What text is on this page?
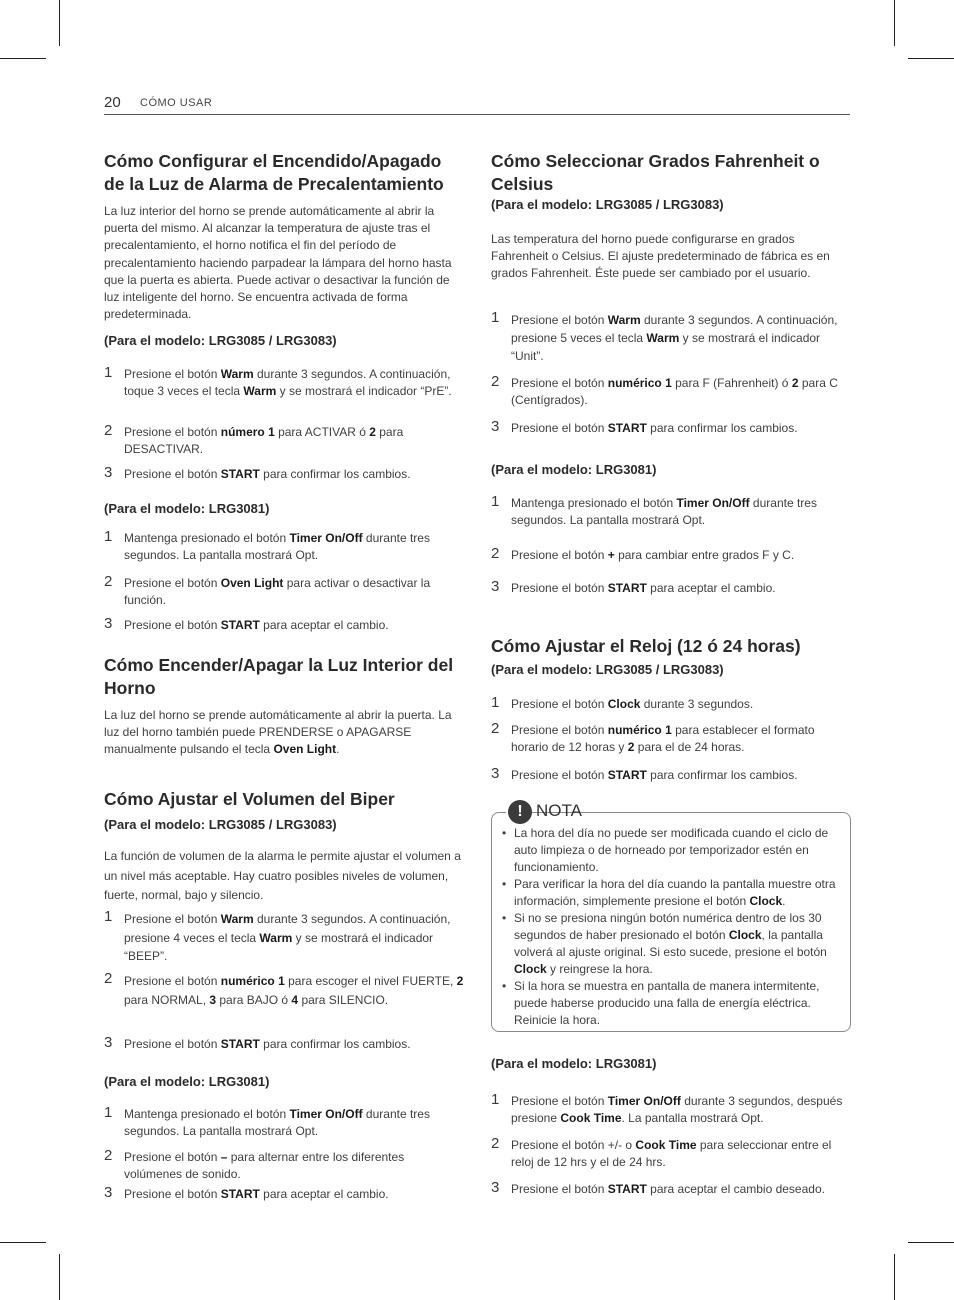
20 CÓMO USAR
Cómo Configurar el Encendido/Apagado de la Luz de Alarma de Precalentamiento

La luz interior del horno se prende automáticamente al abrir la puerta del mismo. Al alcanzar la temperatura de ajuste tras el precalentamiento, el horno notifica el fin del período de precalentamiento haciendo parpadear la lámpara del horno hasta que la puerta es abierta. Puede activar o desactivar la función de luz inteligente del horno. Se encuentra activada de forma predeterminada.

(Para el modelo: LRG3085 / LRG3083)
1 Presione el botón Warm durante 3 segundos. A continuación, toque 3 veces el tecla Warm y se mostrará el indicador “PrE”.
2 Presione el botón número 1 para ACTIVAR ó 2 para DESACTIVAR.
3 Presione el botón START para confirmar los cambios.
(Para el modelo: LRG3081)
1 Mantenga presionado el botón Timer On/Off durante tres segundos. La pantalla mostrará Opt.
2 Presione el botón Oven Light para activar o desactivar la función.
3 Presione el botón START para aceptar el cambio.
Cómo Encender/Apagar la Luz Interior del Horno

La luz del horno se prende automáticamente al abrir la puerta. La luz del horno también puede PRENDERSE o APAGARSE manualmente pulsando el tecla Oven Light.

Cómo Ajustar el Volumen del Biper
(Para el modelo: LRG3085 / LRG3083)

La función de volumen de la alarma le permite ajustar el volumen a un nivel más aceptable. Hay cuatro posibles niveles de volumen, fuerte, normal, bajo y silencio.

1 Presione el botón Warm durante 3 segundos. A continuación, presione 4 veces el tecla Warm y se mostrará el indicador “BEEP”.
2 Presione el botón numérico 1 para escoger el nivel FUERTE, 2 para NORMAL, 3 para BAJO ó 4 para SILENCIO.
3 Presione el botón START para confirmar los cambios.
(Para el modelo: LRG3081)
1 Mantenga presionado el botón Timer On/Off durante tres segundos. La pantalla mostrará Opt.
2 Presione el botón – para alternar entre los diferentes volúmenes de sonido.
3 Presione el botón START para aceptar el cambio.
Cómo Seleccionar Grados Fahrenheit o Celsius
(Para el modelo: LRG3085 / LRG3083)

Las temperatura del horno puede configurarse en grados Fahrenheit o Celsius. El ajuste predeterminado de fábrica es en grados Fahrenheit. Éste puede ser cambiado por el usuario.

1 Presione el botón Warm durante 3 segundos. A continuación, presione 5 veces el tecla Warm y se mostrará el indicador “Unit”.
2 Presione el botón numérico 1 para F (Fahrenheit) ó 2 para C (Centígrados).
3 Presione el botón START para confirmar los cambios.
(Para el modelo: LRG3081)
1 Mantenga presionado el botón Timer On/Off durante tres segundos. La pantalla mostrará Opt.
2 Presione el botón + para cambiar entre grados F y C.
3 Presione el botón START para aceptar el cambio.
Cómo Ajustar el Reloj (12 ó 24 horas)
(Para el modelo: LRG3085 / LRG3083)
1 Presione el botón Clock durante 3 segundos.
2 Presione el botón numérico 1 para establecer el formato horario de 12 horas y 2 para el de 24 horas.
3 Presione el botón START para confirmar los cambios.
! NOTA
• La hora del día no puede ser modificada cuando el ciclo de auto limpieza o de horneado por temporizador estén en funcionamiento.
• Para verificar la hora del día cuando la pantalla muestre otra información, simplemente presione el botón Clock.
• Si no se presiona ningún botón numérica dentro de los 30 segundos de haber presionado el botón Clock, la pantalla volverá al ajuste original. Si esto sucede, presione el botón Clock y reingrese la hora.
• Si la hora se muestra en pantalla de manera intermitente, puede haberse producido una falla de energía eléctrica. Reinicie la hora.
(Para el modelo: LRG3081)
1 Presione el botón Timer On/Off durante 3 segundos, después presione Cook Time. La pantalla mostrará Opt.
2 Presione el botón +/- o Cook Time para seleccionar entre el reloj de 12 hrs y el de 24 hrs.
3 Presione el botón START para aceptar el cambio deseado.
